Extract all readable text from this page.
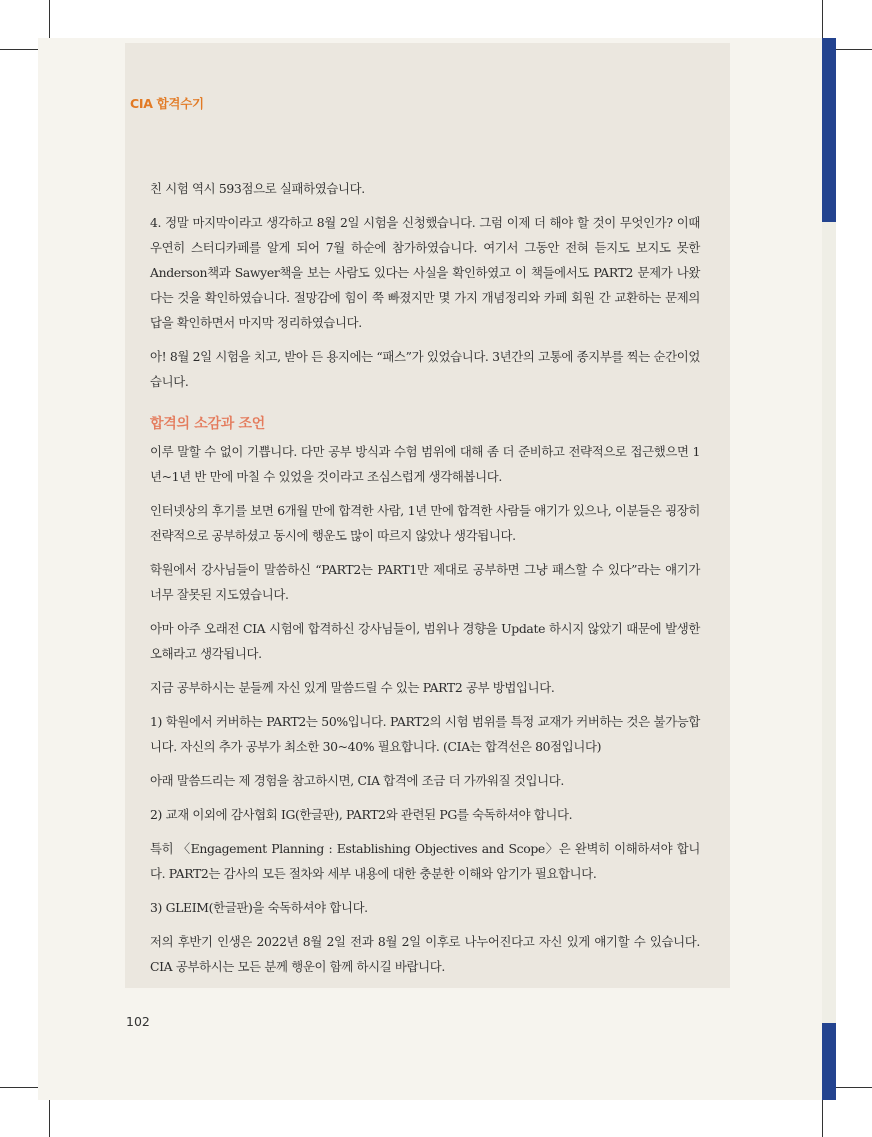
CIA 합격수기

친 시험 역시 593점으로 실패하였습니다.

4. 정말 마지막이라고 생각하고 8월 2일 시험을 신청했습니다. 그럼 이제 더 해야 할 것이 무엇인가? 이때 우연히 스터디카페를 알게 되어 7월 하순에 참가하였습니다. 여기서 그동안 전혀 듣지도 보지도 못한 Anderson책과 Sawyer책을 보는 사람도 있다는 사실을 확인하였고 이 책들에서도 PART2 문제가 나왔다는 것을 확인하였습니다. 절망감에 힘이 쭉 빠졌지만 몇 가지 개념정리와 카페 회원 간 교환하는 문제의 답을 확인하면서 마지막 정리하였습니다.

아! 8월 2일 시험을 치고, 받아 든 용지에는 “패스”가 있었습니다. 3년간의 고통에 종지부를 찍는 순간이었습니다.

합격의 소감과 조언

이루 말할 수 없이 기쁩니다. 다만 공부 방식과 수험 범위에 대해 좀 더 준비하고 전략적으로 접근했으면 1년~1년 반 만에 마칠 수 있었을 것이라고 조심스럽게 생각해봅니다.

인터넷상의 후기를 보면 6개월 만에 합격한 사람, 1년 만에 합격한 사람들 얘기가 있으나, 이분들은 굉장히 전략적으로 공부하셨고 동시에 행운도 많이 따르지 않았나 생각됩니다.

학원에서 강사님들이 말씀하신 “PART2는 PART1만 제대로 공부하면 그냥 패스할 수 있다”라는 얘기가 너무 잘못된 지도였습니다.

아마 아주 오래전 CIA 시험에 합격하신 강사님들이, 범위나 경향을 Update 하시지 않았기 때문에 발생한 오해라고 생각됩니다.

지금 공부하시는 분들께 자신 있게 말씀드릴 수 있는 PART2 공부 방법입니다.

1) 학원에서 커버하는 PART2는 50%입니다. PART2의 시험 범위를 특정 교재가 커버하는 것은 불가능합니다. 자신의 추가 공부가 최소한 30~40% 필요합니다. (CIA는 합격선은 80점입니다)

아래 말씀드리는 제 경험을 참고하시면, CIA 합격에 조금 더 가까워질 것입니다.

2) 교재 이외에 감사협회 IG(한글판), PART2와 관련된 PG를 숙독하셔야 합니다.

특히 〈Engagement Planning : Establishing Objectives and Scope〉은 완벽히 이해하셔야 합니다. PART2는 감사의 모든 절차와 세부 내용에 대한 충분한 이해와 암기가 필요합니다.

3) GLEIM(한글판)을 숙독하셔야 합니다.

저의 후반기 인생은 2022년 8월 2일 전과 8월 2일 이후로 나누어진다고 자신 있게 얘기할 수 있습니다. CIA 공부하시는 모든 분께 행운이 함께 하시길 바랍니다.

102
